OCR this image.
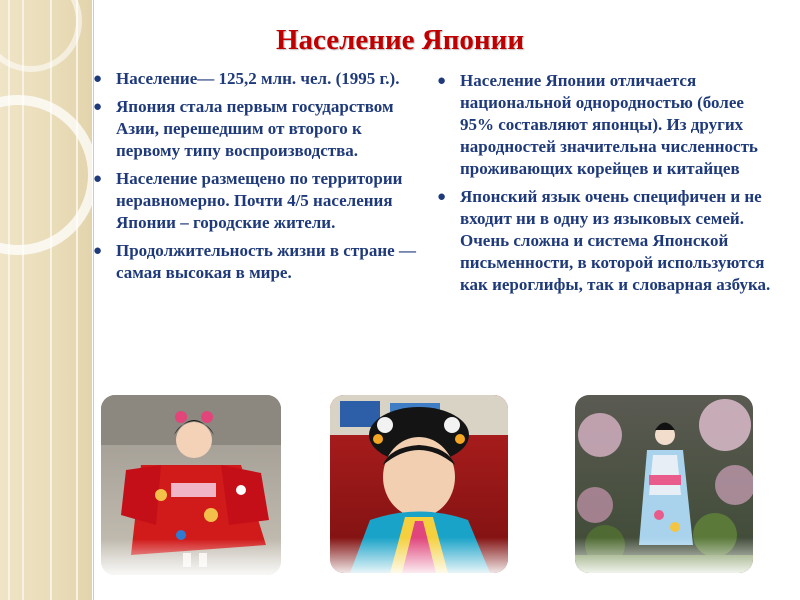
Население Японии
● Население— 125,2 млн. чел. (1995 г.).
● Япония стала первым государством Азии, перешедшим от второго к первому типу воспроизводства.
● Население размещено по территории неравномерно. Почти 4/5 населения Японии – городские жители.
● Продолжительность жизни в стране — самая высокая в мире.
● Население Японии отличается национальной однородностью (более 95% составляют японцы). Из других народностей значительна численность проживающих корейцев и китайцев
● Японский язык очень специфичен и не входит ни в одну из языковых семей. Очень сложна и система Японской письменности, в которой используются как иероглифы, так и словарная азбука.
